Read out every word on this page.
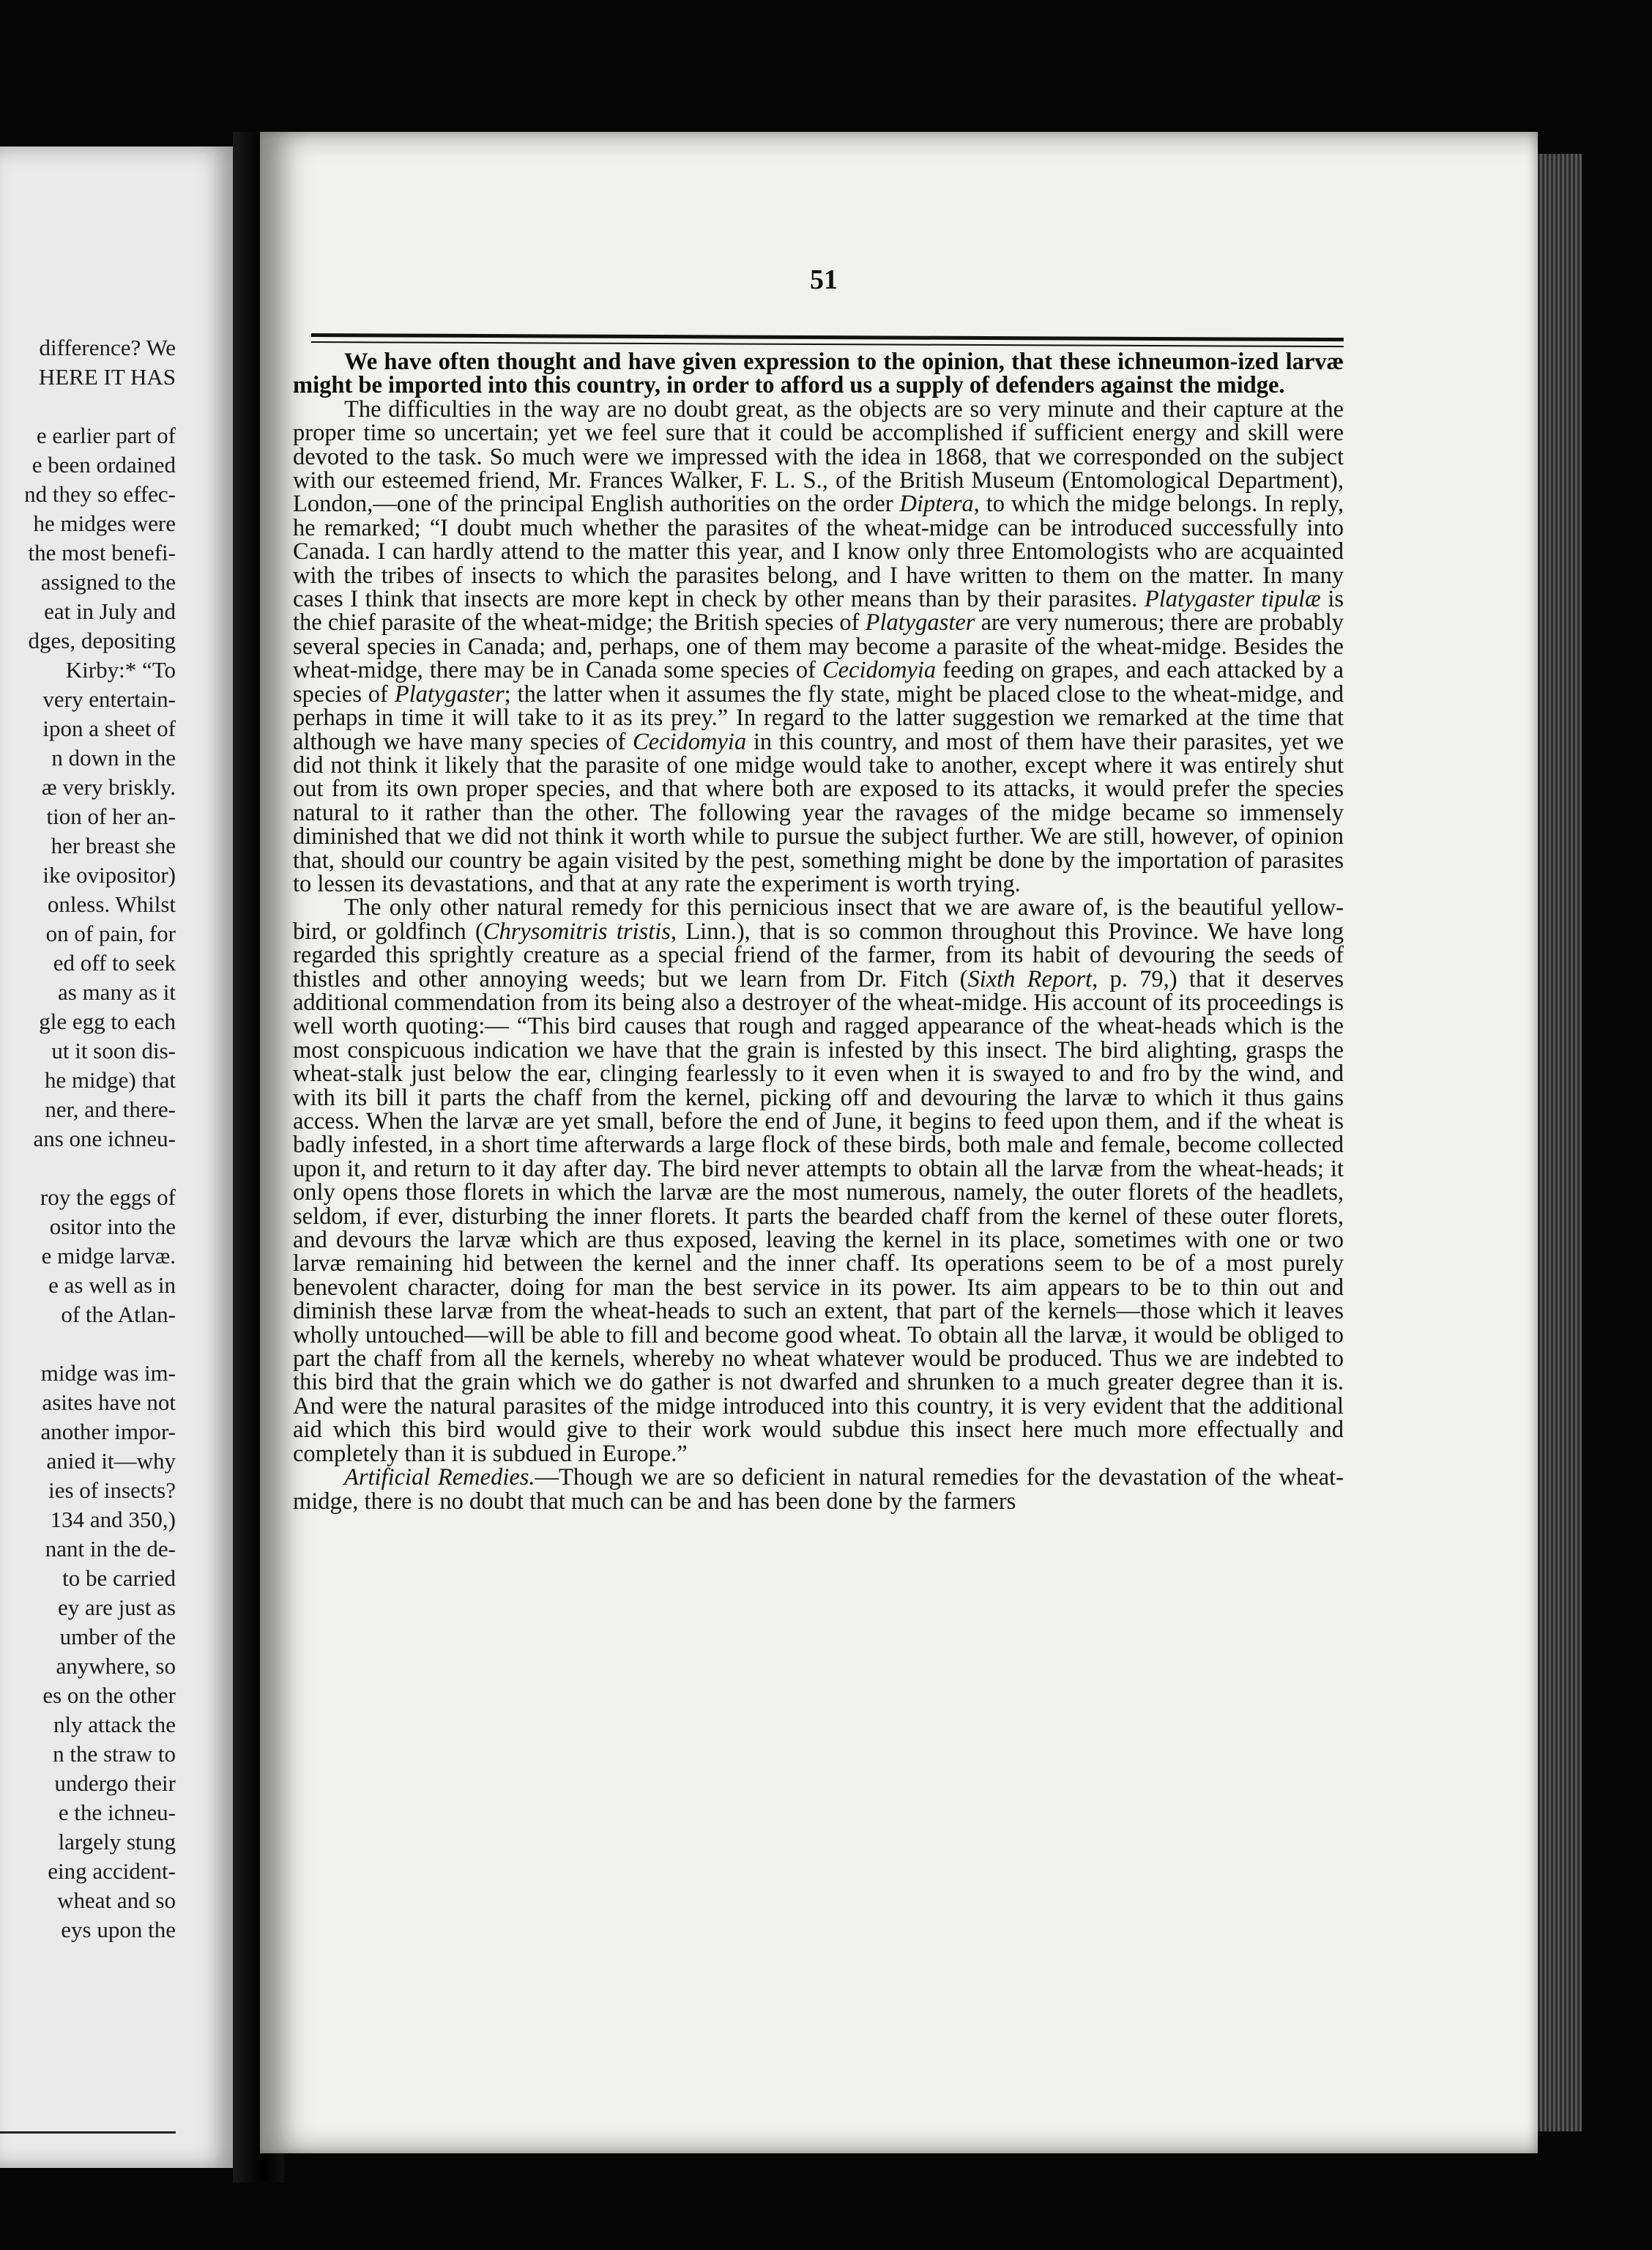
difference? We
HERE IT HAS
e earlier part of
e been ordained
nd they so effec-
he midges were
the most benefi-
assigned to the
eat in July and
dges, depositing
Kirby:* “To
very entertain-
ipon a sheet of
n down in the
æ very briskly.
tion of her an-
her breast she
ike ovipositor)
onless. Whilst
on of pain, for
ed off to seek
as many as it
gle egg to each
ut it soon dis-
he midge) that
ner, and there-
ans one ichneu-
roy the eggs of
ositor into the
e midge larvæ.
e as well as in
of the Atlan-
midge was im-
asites have not
another impor-
anied it—why
ies of insects?
134 and 350,)
nant in the de-
to be carried
ey are just as
umber of the
anywhere, so
es on the other
nly attack the
n the straw to
undergo their
e the ichneu-
largely stung
eing accident-
wheat and so
eys upon the
51

We have often thought and have given expression to the opinion, that these ichneumon-ized larvæ might be imported into this country, in order to afford us a supply of defenders against the midge.

The difficulties in the way are no doubt great, as the objects are so very minute and their capture at the proper time so uncertain; yet we feel sure that it could be accomplished if sufficient energy and skill were devoted to the task. So much were we impressed with the idea in 1868, that we corresponded on the subject with our esteemed friend, Mr. Frances Walker, F. L. S., of the British Museum (Entomological Department), London,—one of the principal English authorities on the order Diptera, to which the midge belongs. In reply, he remarked; “I doubt much whether the parasites of the wheat-midge can be introduced successfully into Canada. I can hardly attend to the matter this year, and I know only three Entomologists who are acquainted with the tribes of insects to which the parasites belong, and I have written to them on the matter. In many cases I think that insects are more kept in check by other means than by their parasites. Platygaster tipulæ is the chief parasite of the wheat-midge; the British species of Platygaster are very numerous; there are probably several species in Canada; and, perhaps, one of them may become a parasite of the wheat-midge. Besides the wheat-midge, there may be in Canada some species of Cecidomyia feeding on grapes, and each attacked by a species of Platygaster; the latter when it assumes the fly state, might be placed close to the wheat-midge, and perhaps in time it will take to it as its prey.” In regard to the latter suggestion we remarked at the time that although we have many species of Cecidomyia in this country, and most of them have their parasites, yet we did not think it likely that the parasite of one midge would take to another, except where it was entirely shut out from its own proper species, and that where both are exposed to its attacks, it would prefer the species natural to it rather than the other. The following year the ravages of the midge became so immensely diminished that we did not think it worth while to pursue the subject further. We are still, however, of opinion that, should our country be again visited by the pest, something might be done by the importation of parasites to lessen its devastations, and that at any rate the experiment is worth trying.

The only other natural remedy for this pernicious insect that we are aware of, is the beautiful yellow-bird, or goldfinch (Chrysomitris tristis, Linn.), that is so common throughout this Province. We have long regarded this sprightly creature as a special friend of the farmer, from its habit of devouring the seeds of thistles and other annoying weeds; but we learn from Dr. Fitch (Sixth Report, p. 79,) that it deserves additional commendation from its being also a destroyer of the wheat-midge. His account of its proceedings is well worth quoting:— “This bird causes that rough and ragged appearance of the wheat-heads which is the most conspicuous indication we have that the grain is infested by this insect. The bird alighting, grasps the wheat-stalk just below the ear, clinging fearlessly to it even when it is swayed to and fro by the wind, and with its bill it parts the chaff from the kernel, picking off and devouring the larvæ to which it thus gains access. When the larvæ are yet small, before the end of June, it begins to feed upon them, and if the wheat is badly infested, in a short time afterwards a large flock of these birds, both male and female, become collected upon it, and return to it day after day. The bird never attempts to obtain all the larvæ from the wheat-heads; it only opens those florets in which the larvæ are the most numerous, namely, the outer florets of the headlets, seldom, if ever, disturbing the inner florets. It parts the bearded chaff from the kernel of these outer florets, and devours the larvæ which are thus exposed, leaving the kernel in its place, sometimes with one or two larvæ remaining hid between the kernel and the inner chaff. Its operations seem to be of a most purely benevolent character, doing for man the best service in its power. Its aim appears to be to thin out and diminish these larvæ from the wheat-heads to such an extent, that part of the kernels—those which it leaves wholly untouched—will be able to fill and become good wheat. To obtain all the larvæ, it would be obliged to part the chaff from all the kernels, whereby no wheat whatever would be produced. Thus we are indebted to this bird that the grain which we do gather is not dwarfed and shrunken to a much greater degree than it is. And were the natural parasites of the midge introduced into this country, it is very evident that the additional aid which this bird would give to their work would subdue this insect here much more effectually and completely than it is subdued in Europe.”

Artificial Remedies.—Though we are so deficient in natural remedies for the devastation of the wheat-midge, there is no doubt that much can be and has been done by the farmers
